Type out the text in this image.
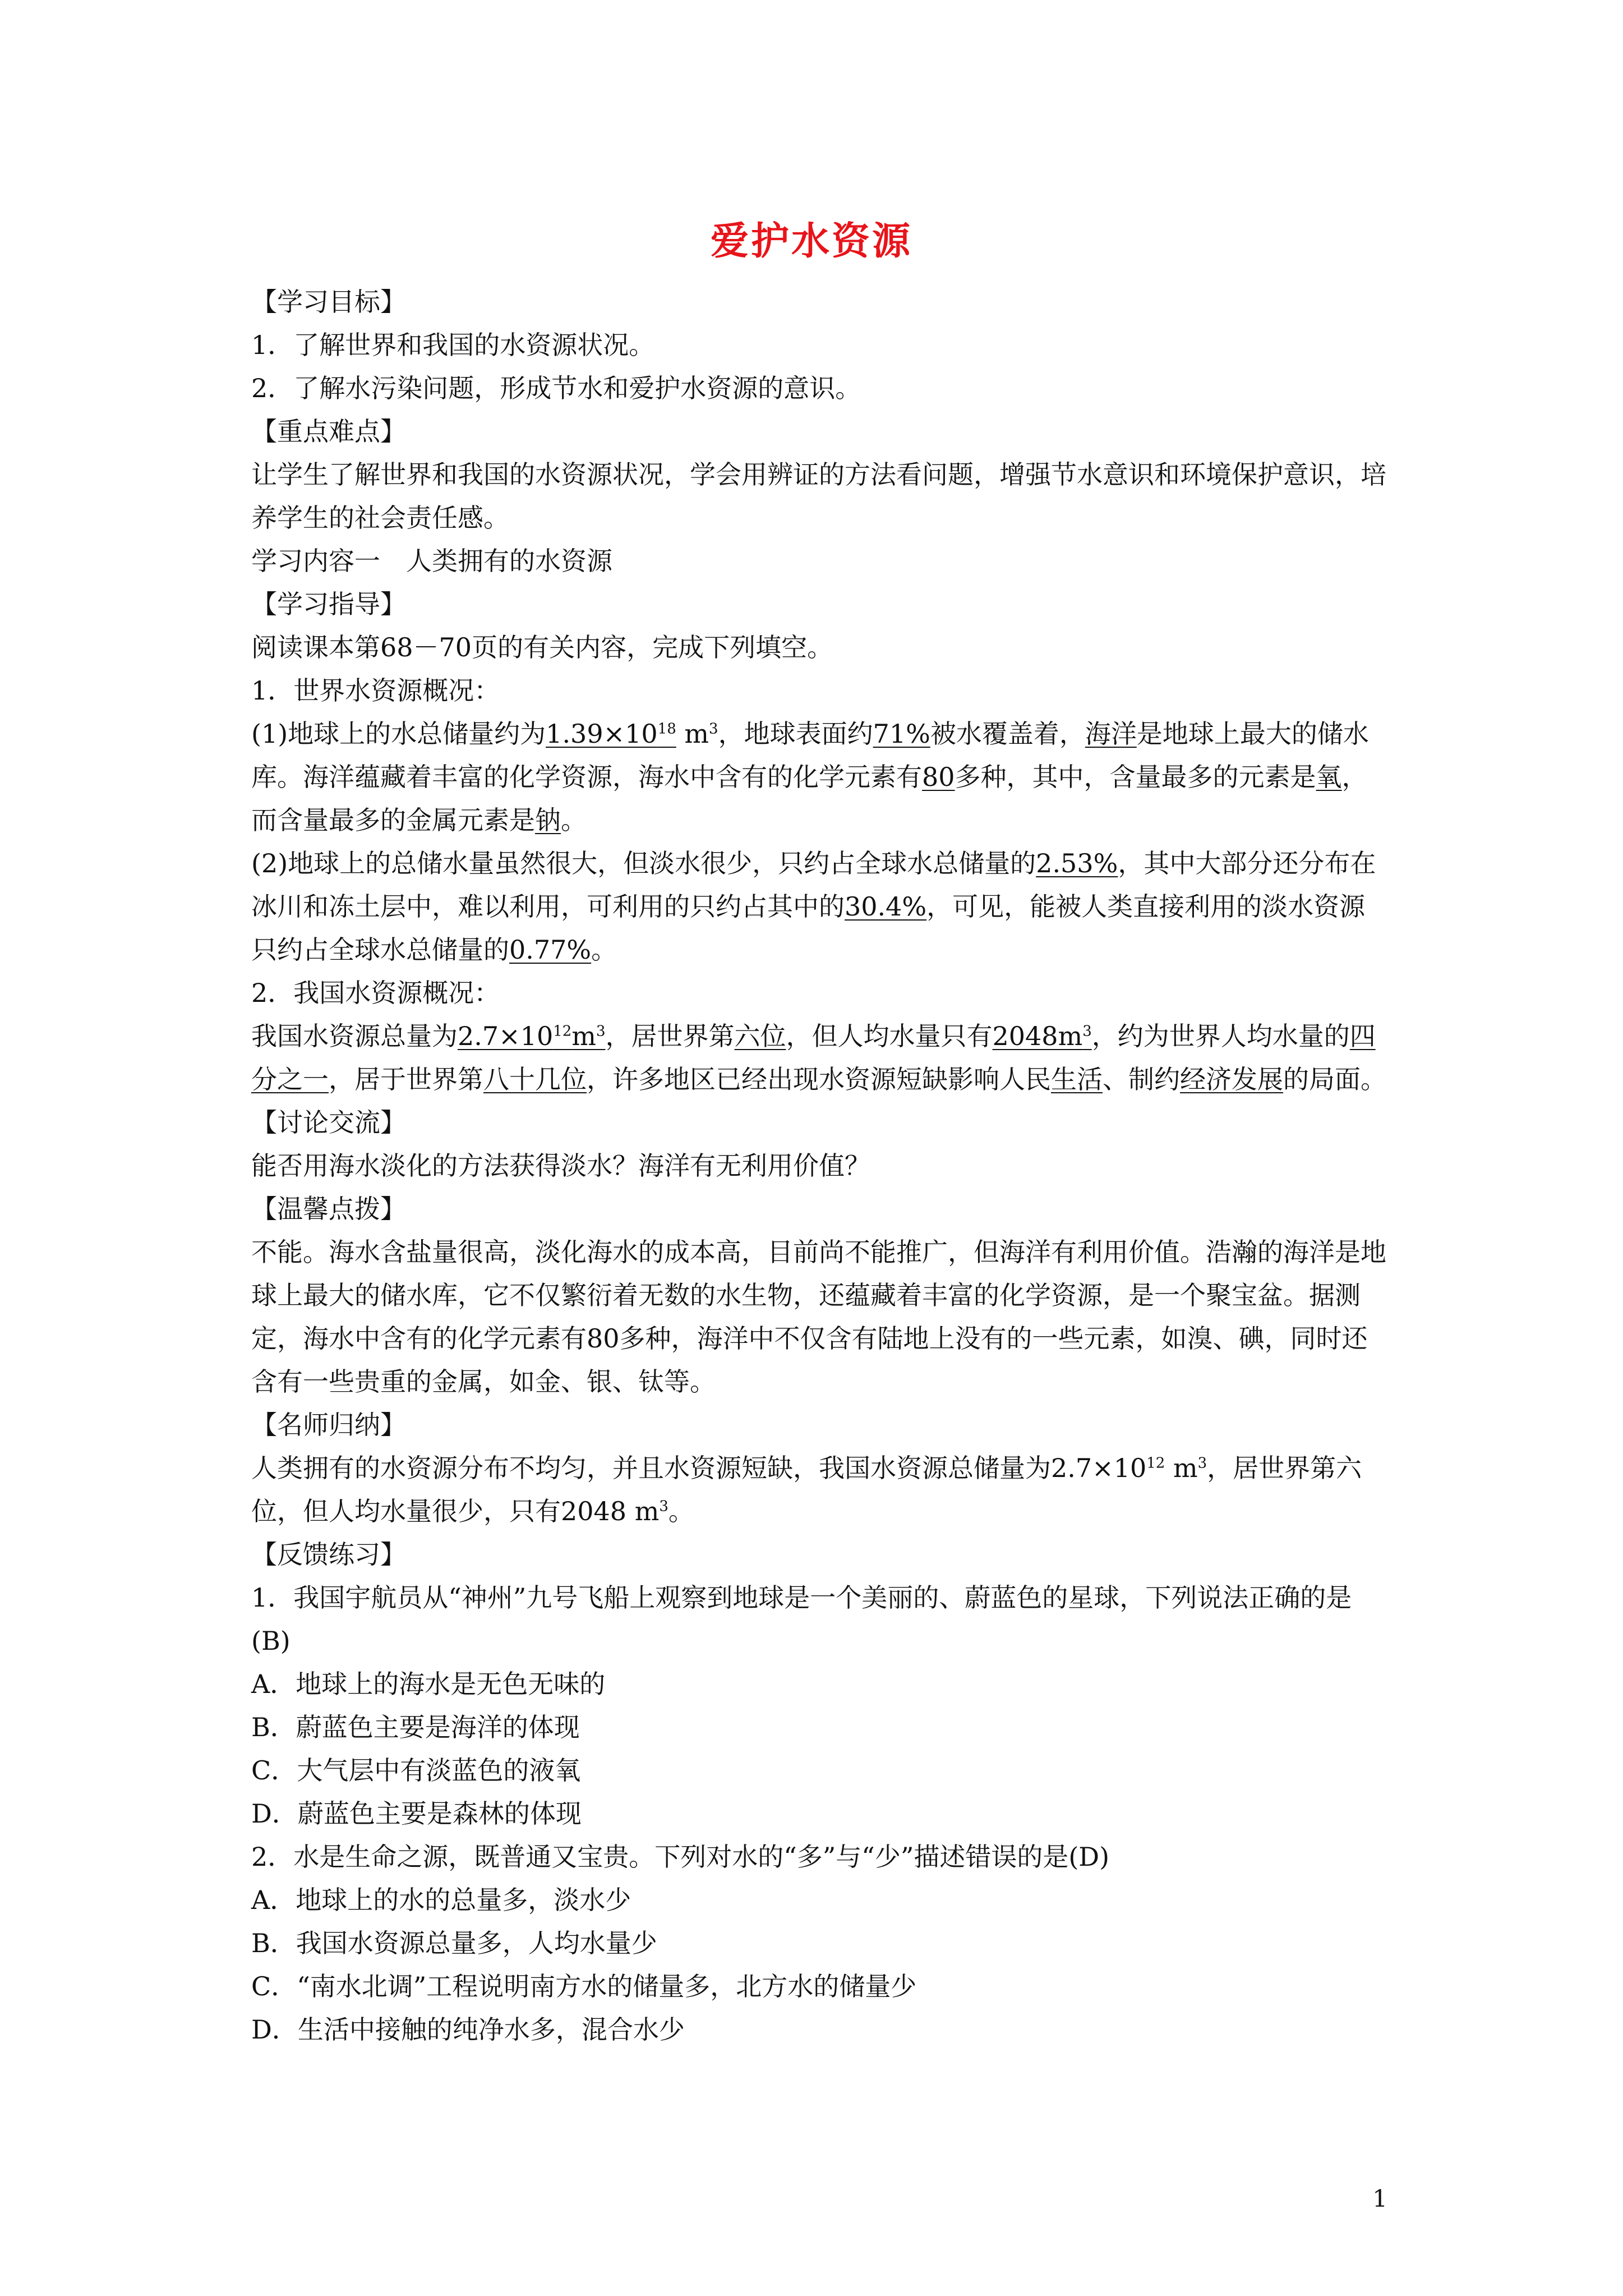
爱护水资源

【学习目标】

1．了解世界和我国的水资源状况。

2．了解水污染问题，形成节水和爱护水资源的意识。

【重点难点】

让学生了解世界和我国的水资源状况，学会用辨证的方法看问题，增强节水意识和环境保护意识，培养学生的社会责任感。

学习内容一　人类拥有的水资源

【学习指导】

阅读课本第68－70页的有关内容，完成下列填空。

1．世界水资源概况：

(1)地球上的水总储量约为$1.39\times 10^{18}$ $m^3$，地球表面约71%被水覆盖着，海洋是地球上最大的储水库。海洋蕴藏着丰富的化学资源，海水中含有的化学元素有80多种，其中，含量最多的元素是氧，而含量最多的金属元素是钠。

(2)地球上的总储水量虽然很大，但淡水很少，只约占全球水总储量的2.53%，其中大部分还分布在冰川和冻土层中，难以利用，可利用的只约占其中的30.4%，可见，能被人类直接利用的淡水资源只约占全球水总储量的0.77%。

2．我国水资源概况：

我国水资源总量为$2.7\times 10^{12}m^3$，居世界第六位，但人均水量只有$2048m^3$，约为世界人均水量的四分之一，居于世界第八十几位，许多地区已经出现水资源短缺影响人民生活、制约经济发展的局面。

【讨论交流】

能否用海水淡化的方法获得淡水？海洋有无利用价值？

【温馨点拨】

不能。海水含盐量很高，淡化海水的成本高，目前尚不能推广，但海洋有利用价值。浩瀚的海洋是地球上最大的储水库，它不仅繁衍着无数的水生物，还蕴藏着丰富的化学资源，是一个聚宝盆。据测定，海水中含有的化学元素有80多种，海洋中不仅含有陆地上没有的一些元素，如溴、碘，同时还含有一些贵重的金属，如金、银、钛等。

【名师归纳】

人类拥有的水资源分布不均匀，并且水资源短缺，我国水资源总储量为$2.7\times 10^{12}$ $m^3$，居世界第六位，但人均水量很少，只有2048 $m^3$。

【反馈练习】

1．我国宇航员从“神州”九号飞船上观察到地球是一个美丽的、蔚蓝色的星球，下列说法正确的是(B)

A．地球上的海水是无色无味的

B．蔚蓝色主要是海洋的体现

C．大气层中有淡蓝色的液氧

D．蔚蓝色主要是森林的体现

2．水是生命之源，既普通又宝贵。下列对水的“多”与“少”描述错误的是(D)

A．地球上的水的总量多，淡水少

B．我国水资源总量多，人均水量少

C．“南水北调”工程说明南方水的储量多，北方水的储量少

D．生活中接触的纯净水多，混合水少

1
